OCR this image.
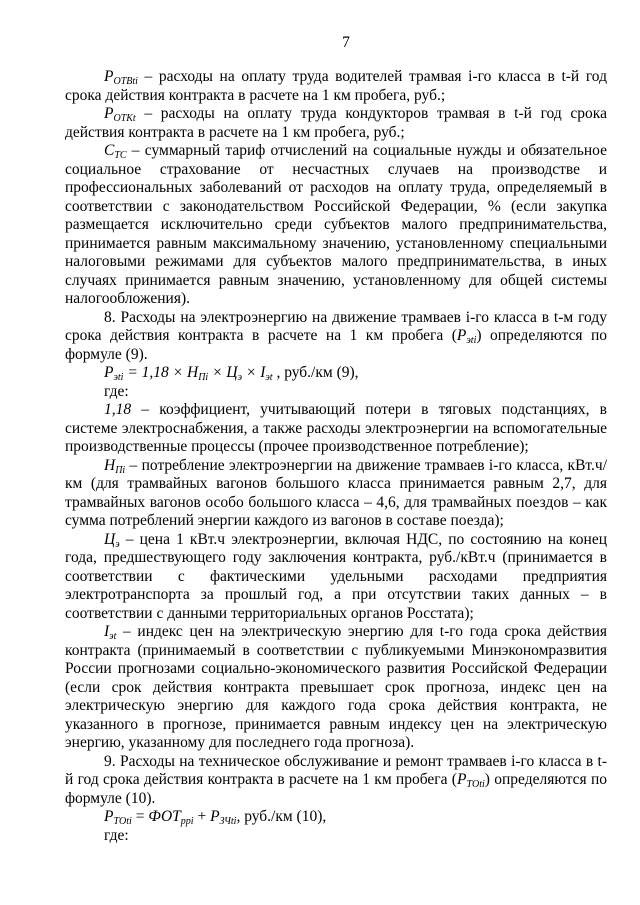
7

$P_{ОТВti}$ – расходы на оплату труда водителей трамвая i-го класса в t-й год срока действия контракта в расчете на 1 км пробега, руб.;

$P_{ОТКt}$ – расходы на оплату труда кондукторов трамвая в t-й год срока действия контракта в расчете на 1 км пробега, руб.;

$C_{ТС}$ – суммарный тариф отчислений на социальные нужды и обязательное социальное страхование от несчастных случаев на производстве и профессиональных заболеваний от расходов на оплату труда, определяемый в соответствии с законодательством Российской Федерации, % (если закупка размещается исключительно среди субъектов малого предпринимательства, принимается равным максимальному значению, установленному специальными налоговыми режимами для субъектов малого предпринимательства, в иных случаях принимается равным значению, установленному для общей системы налогообложения).

8. Расходы на электроэнергию на движение трамваев i-го класса в t-м году срока действия контракта в расчете на 1 км пробега $(P_{эti})$ определяются по формуле (9).

$P_{эti} = 1,18 \times H_{Пi} \times Ц_э \times I_{эt}$ , руб./км (9),
где:

1,18 – коэффициент, учитывающий потери в тяговых подстанциях, в системе электроснабжения, а также расходы электроэнергии на вспомогательные производственные процессы (прочее производственное потребление);

$H_{Пi}$ – потребление электроэнергии на движение трамваев i-го класса, кВт.ч/км (для трамвайных вагонов большого класса принимается равным 2,7, для трамвайных вагонов особо большого класса – 4,6, для трамвайных поездов – как сумма потреблений энергии каждого из вагонов в составе поезда);

$Ц_э$ – цена 1 кВт.ч электроэнергии, включая НДС, по состоянию на конец года, предшествующего году заключения контракта, руб./кВт.ч (принимается в соответствии с фактическими удельными расходами предприятия электротранспорта за прошлый год, а при отсутствии таких данных – в соответствии с данными территориальных органов Росстата);

$I_{эt}$ – индекс цен на электрическую энергию для t-го года срока действия контракта (принимаемый в соответствии с публикуемыми Минэкономразвития России прогнозами социально-экономического развития Российской Федерации (если срок действия контракта превышает срок прогноза, индекс цен на электрическую энергию для каждого года срока действия контракта, не указанного в прогнозе, принимается равным индексу цен на электрическую энергию, указанному для последнего года прогноза).

9. Расходы на техническое обслуживание и ремонт трамваев i-го класса в t-й год срока действия контракта в расчете на 1 км пробега $(P_{ТОti})$ определяются по формуле (10).

$P_{ТОti} = ФОТ_{ppi} + P_{ЗЧti}$, руб./км (10),
где:
